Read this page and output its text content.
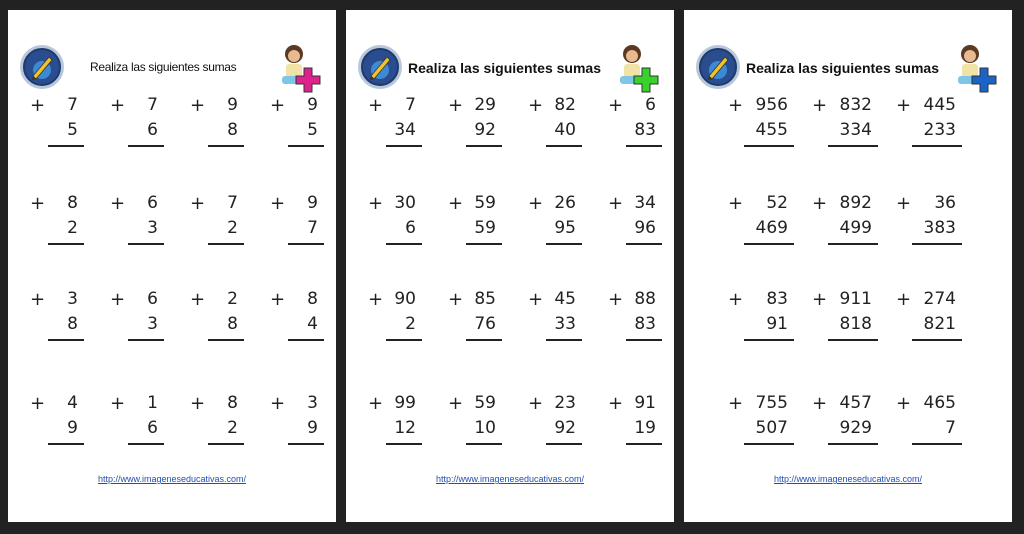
Realiza las siguientes sumas
+ 7
5
+ 7
6
+ 9
8
+ 9
5
+ 8
2
+ 6
3
+ 7
2
+ 9
7
+ 3
8
+ 6
3
+ 2
8
+ 8
4
+ 4
9
+ 1
6
+ 8
2
+ 3
9
http://www.imageneseducativas.com/
Realiza las siguientes sumas
+ 7
34
+ 29
92
+ 82
40
+ 6
83
+ 30
6
+ 59
59
+ 26
95
+ 34
96
+ 90
2
+ 85
76
+ 45
33
+ 88
83
+ 99
12
+ 59
10
+ 23
92
+ 91
19
http://www.imageneseducativas.com/
Realiza las siguientes sumas
+ 956
455
+ 832
334
+ 445
233
+ 52
469
+ 892
499
+ 36
383
+ 83
91
+ 911
818
+ 274
821
+ 755
507
+ 457
929
+ 465
7
http://www.imageneseducativas.com/
